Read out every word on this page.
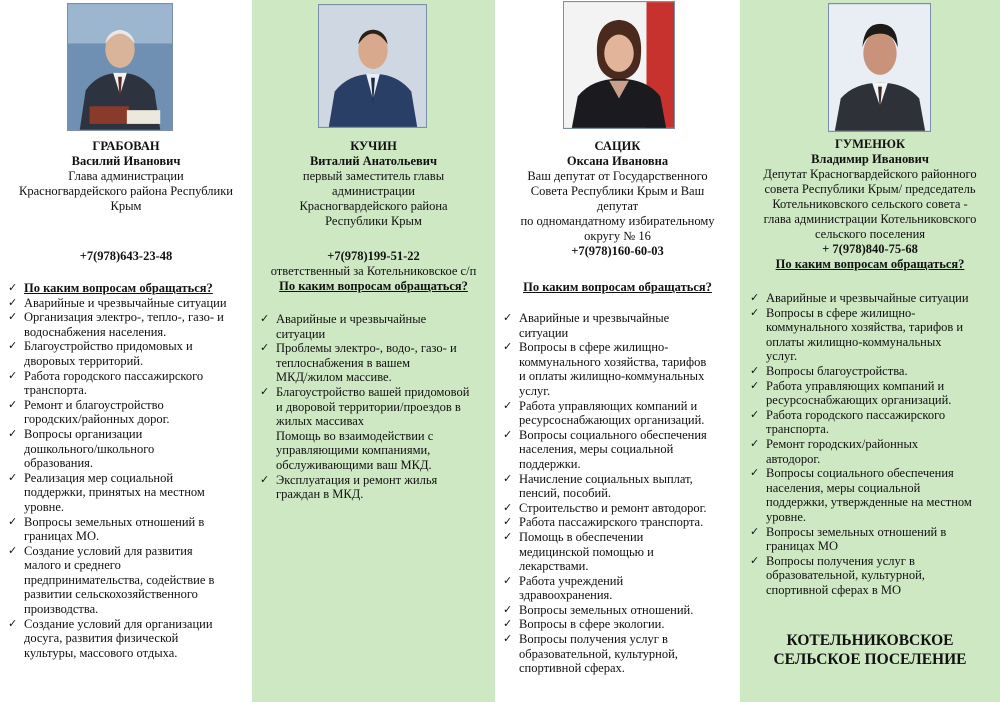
ГРАБОВАН
Василий Иванович
Глава администрации
Красногвардейского района Республики
Крым
+7(978)643-23-48
✓ По каким вопросам обращаться?
✓ Аварийные и чрезвычайные ситуации
✓ Организация электро-, тепло-, газо- и
водоснабжения населения.
✓ Благоустройство придомовых и
дворовых территорий.
✓ Работа городского пассажирского
транспорта.
✓ Ремонт и благоустройство
городских/районных дорог.
✓ Вопросы организации
дошкольного/школьного
образования.
✓ Реализация мер социальной
поддержки, принятых на местном
уровне.
✓ Вопросы земельных отношений в
границах МО.
✓ Создание условий для развития
малого и среднего
предпринимательства, содействие в
развитии сельскохозяйственного
производства.
✓ Создание условий для организации
досуга, развития физической
культуры, массового отдыха.
КУЧИН
Виталий Анатольевич
первый заместитель главы
администрации
Красногвардейского района
Республики Крым
+7(978)199-51-22
ответственный за Котельниковское с/п
По каким вопросам обращаться?
✓ Аварийные и чрезвычайные
ситуации
✓ Проблемы электро-, водо-, газо- и
теплоснабжения в вашем
МКД/жилом массиве.
✓ Благоустройство вашей придомовой
и дворовой территории/проездов в
жилых массивах
Помощь во взаимодействии с
управляющими компаниями,
обслуживающими ваш МКД.
✓ Эксплуатация и ремонт жилья
граждан в МКД.
САЦИК
Оксана Ивановна
Ваш депутат от Государственного
Совета Республики Крым и Ваш
депутат
по одномандатному избирательному
округу № 16
+7(978)160-60-03
По каким вопросам обращаться?
✓ Аварийные и чрезвычайные
ситуации
✓ Вопросы в сфере жилищно-
коммунального хозяйства, тарифов
и оплаты жилищно-коммунальных
услуг.
✓ Работа управляющих компаний и
ресурсоснабжающих организаций.
✓ Вопросы социального обеспечения
населения, меры социальной
поддержки.
✓ Начисление социальных выплат,
пенсий, пособий.
✓ Строительство и ремонт автодорог.
✓ Работа пассажирского транспорта.
✓ Помощь в обеспечении
медицинской помощью и
лекарствами.
✓ Работа учреждений
здравоохранения.
✓ Вопросы земельных отношений.
✓ Вопросы в сфере экологии.
✓ Вопросы получения услуг в
образовательной, культурной,
спортивной сферах.
ГУМЕНЮК
Владимир Иванович
Депутат Красногвардейского районного
совета Республики Крым/ председатель
Котельниковского сельского совета -
глава администрации Котельниковского
сельского поселения
+ 7(978)840-75-68
По каким вопросам обращаться?
✓ Аварийные и чрезвычайные ситуации
✓ Вопросы в сфере жилищно-
коммунального хозяйства, тарифов и
оплаты жилищно-коммунальных
услуг.
✓ Вопросы благоустройства.
✓ Работа управляющих компаний и
ресурсоснабжающих организаций.
✓ Работа городского пассажирского
транспорта.
✓ Ремонт городских/районных
автодорог.
✓ Вопросы социального обеспечения
населения, меры социальной
поддержки, утвержденные на местном
уровне.
✓ Вопросы земельных отношений в
границах МО
✓ Вопросы получения услуг в
образовательной, культурной,
спортивной сферах в МО
КОТЕЛЬНИКОВСКОЕ
СЕЛЬСКОЕ ПОСЕЛЕНИЕ
